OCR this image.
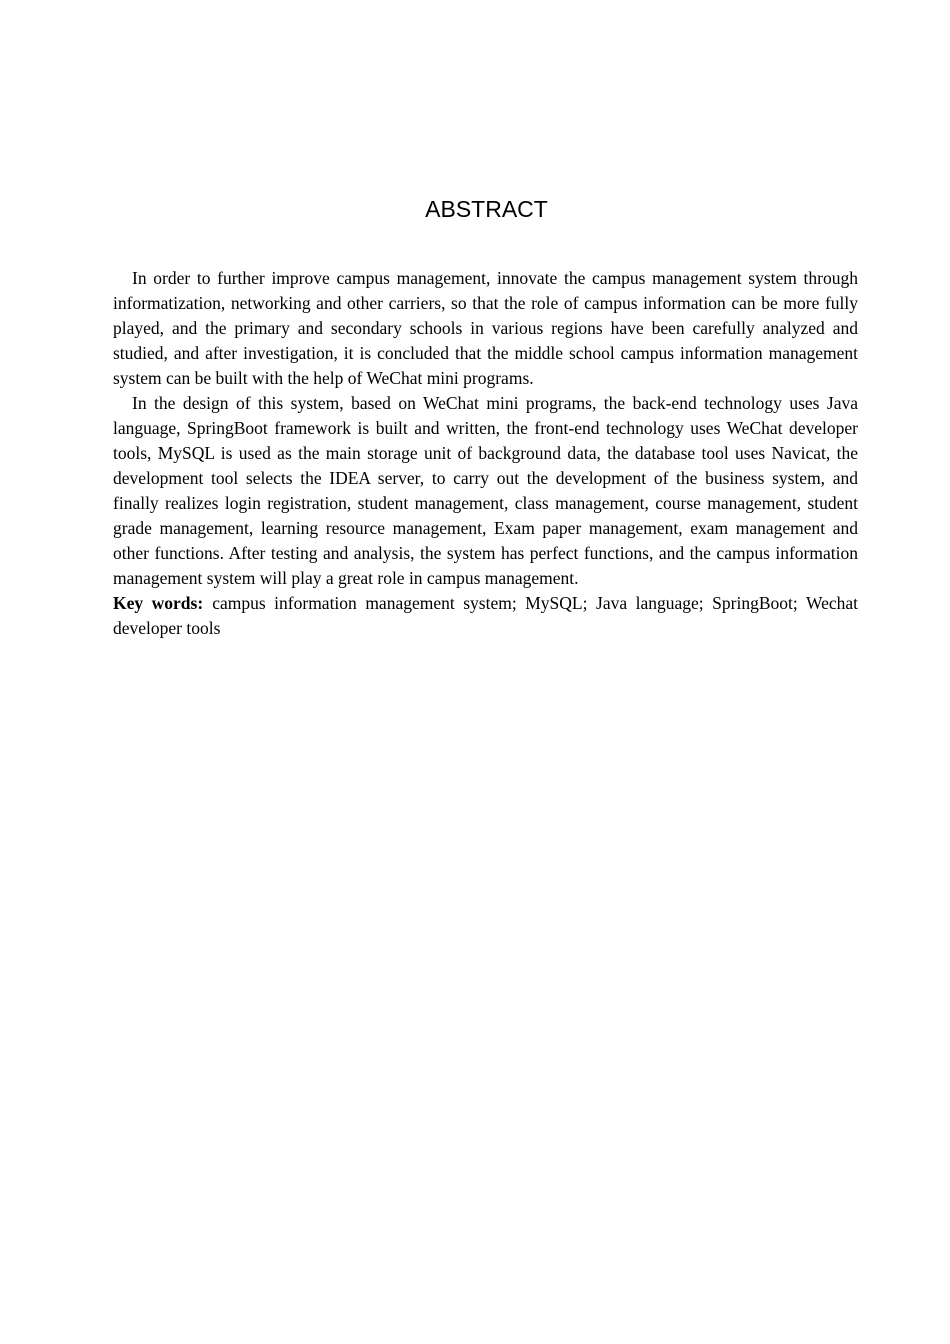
ABSTRACT

In order to further improve campus management, innovate the campus management system through informatization, networking and other carriers, so that the role of campus information can be more fully played, and the primary and secondary schools in various regions have been carefully analyzed and studied, and after investigation, it is concluded that the middle school campus information management system can be built with the help of WeChat mini programs.

In the design of this system, based on WeChat mini programs, the back-end technology uses Java language, SpringBoot framework is built and written, the front-end technology uses WeChat developer tools, MySQL is used as the main storage unit of background data, the database tool uses Navicat, the development tool selects the IDEA server, to carry out the development of the business system, and finally realizes login registration, student management, class management, course management, student grade management, learning resource management, Exam paper management, exam management and other functions. After testing and analysis, the system has perfect functions, and the campus information management system will play a great role in campus management.

Key words: campus information management system; MySQL; Java language; SpringBoot; Wechat developer tools
